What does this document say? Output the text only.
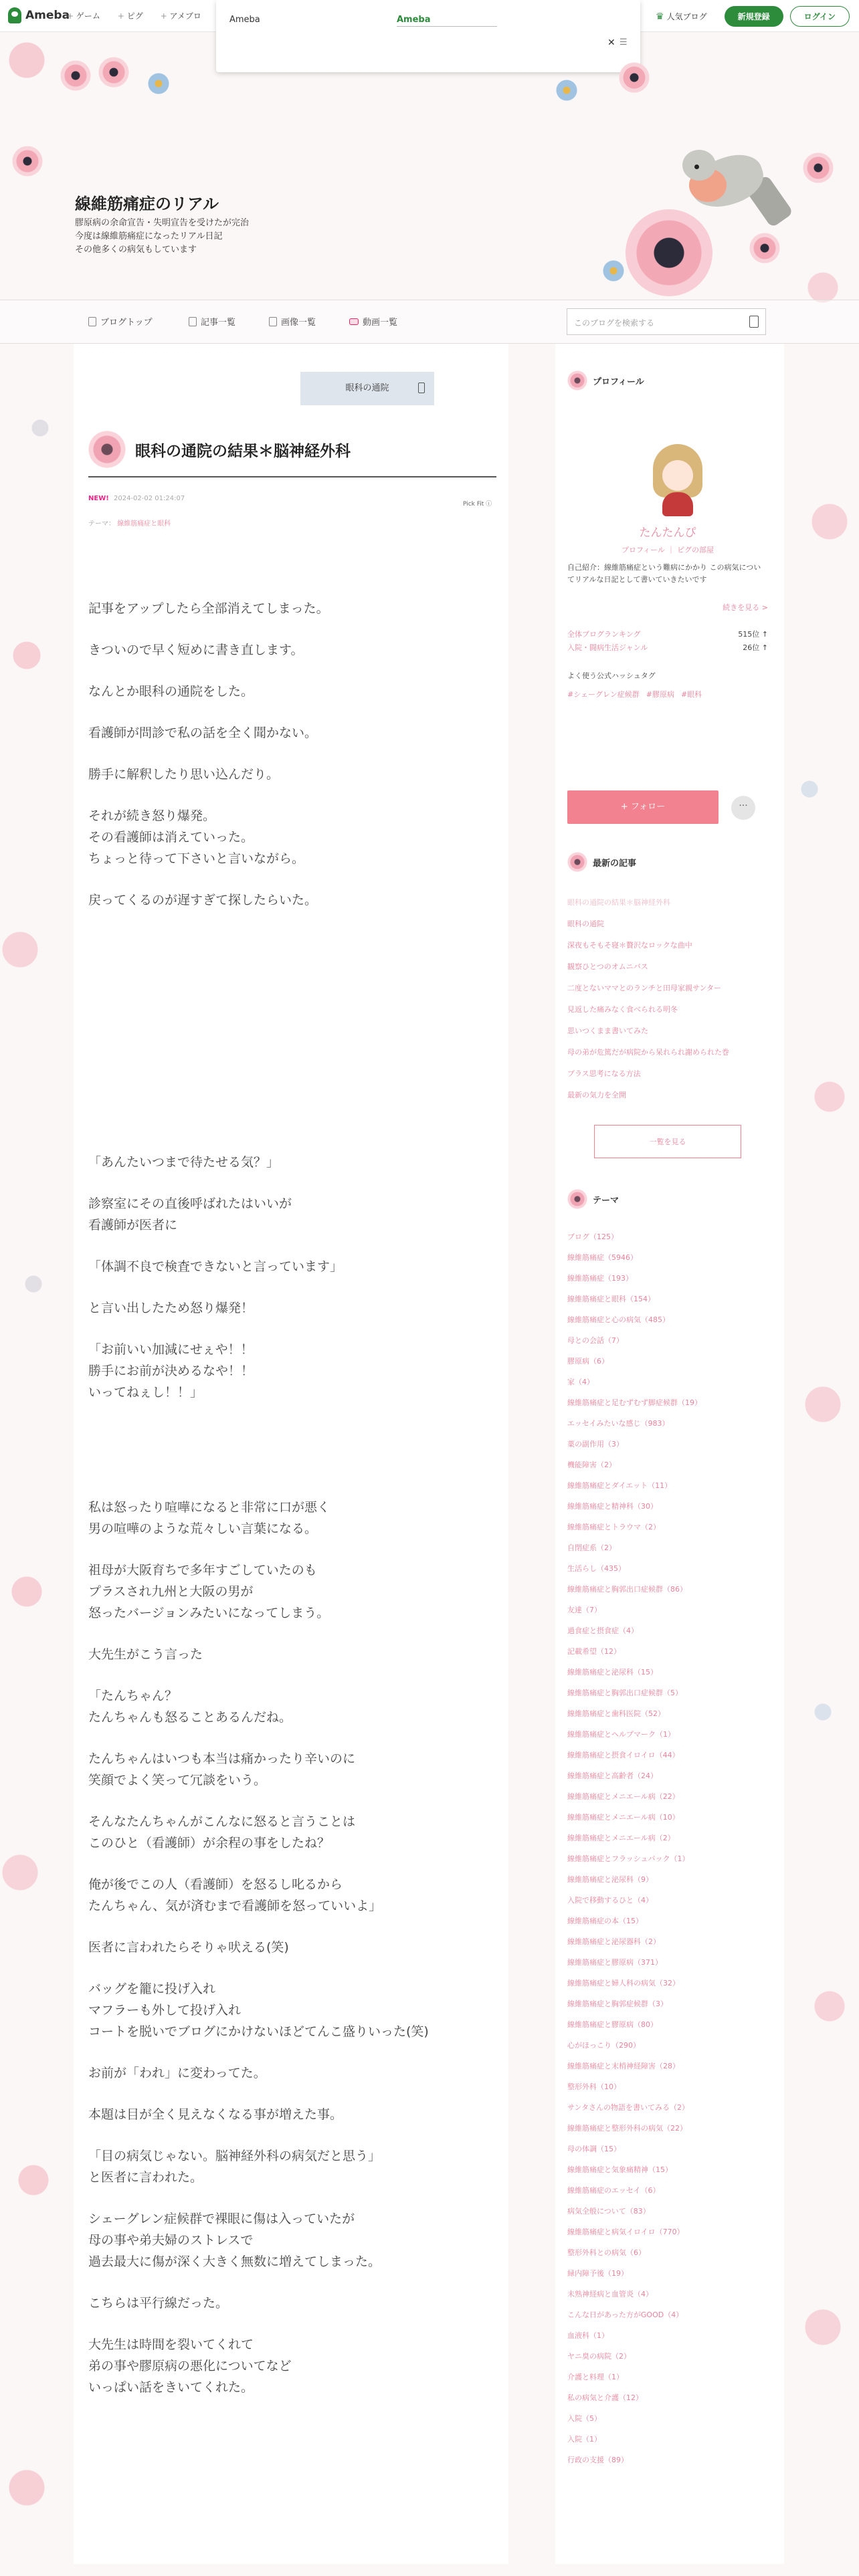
Ameba + ゲーム	+ ピグ	+ アメブロ	♛ 人気ブログ	新規登録	ログイン
Ameba	Ameba
✕ ☰
線維筋痛症のリアル
膠原病の余命宣告・失明宣告を受けたが完治
今度は線維筋痛症になったリアル日記
その他多くの病気もしています
ブログトップ	記事一覧	画像一覧	動画一覧	このブログを検索する
眼科の通院
眼科の通院の結果＊脳神経外科
NEW! 2024-02-02 01:24:07
Pick Fit ⓘ
テーマ： 線維筋痛症と眼科

記事をアップしたら全部消えてしまった。

きついので早く短めに書き直します。

なんとか眼科の通院をした。

看護師が問診で私の話を全く聞かない。

勝手に解釈したり思い込んだり。

それが続き怒り爆発。

その看護師は消えていった。

ちょっと待って下さいと言いながら。

戻ってくるのが遅すぎて探したらいた。

「あんたいつまで待たせる気？」

診察室にその直後呼ばれたはいいが

看護師が医者に

「体調不良で検査できないと言っています」

と言い出したため怒り爆発！

「お前いい加減にせぇや！！

勝手にお前が決めるなや！！

いってねぇし！！」

私は怒ったり喧嘩になると非常に口が悪く

男の喧嘩のような荒々しい言葉になる。

祖母が大阪育ちで多年すごしていたのも

プラスされ九州と大阪の男が

怒ったバージョンみたいになってしまう。

大先生がこう言った

「たんちゃん？

たんちゃんも怒ることあるんだね。

たんちゃんはいつも本当は痛かったり辛いのに

笑顔でよく笑って冗談をいう。

そんなたんちゃんがこんなに怒ると言うことは

このひと（看護師）が余程の事をしたね？

俺が後でこの人（看護師）を怒るし叱るから

たんちゃん、気が済むまで看護師を怒っていいよ」

医者に言われたらそりゃ吠える(笑)

バッグを籠に投げ入れ

マフラーも外して投げ入れ

コートを脱いでブログにかけないほどてんこ盛りいった(笑)

お前が「われ」に変わってた。

本題は目が全く見えなくなる事が増えた事。

「目の病気じゃない。脳神経外科の病気だと思う」

と医者に言われた。

シェーグレン症候群で裸眼に傷は入っていたが

母の事や弟夫婦のストレスで

過去最大に傷が深く大きく無数に増えてしまった。

こちらは平行線だった。

大先生は時間を裂いてくれて

弟の事や膠原病の悪化についてなど

いっぱい話をきいてくれた。

プロフィール
たんたんぴ
プロフィール ｜ ピグの部屋
自己紹介：線維筋痛症という難病にかかり この病気についてリアルな日記として書いていきたいです
続きを見る >
全体ブログランキング	515位 ↑
入院・闘病生活ジャンル	26位 ↑
よく使う公式ハッシュタグ
#シェーグレン症候群 #膠原病 #眼科
+ フォロー	···
最新の記事
眼科の通院の結果＊脳神経外科
眼科の通院
深夜もそもそ寝＊贅沢なロックな曲中
観察ひとつのオムニバス
二度とないママとのランチと田母家親サンター
見返した痛みなく食べられる明冬
思いつくまま書いてみた
母の弟が危篤だが病院から呆れられ謝められた巻
プラス思考になる方法
最新の気力を全開
一覧を見る
テーマ
ブログ（125）
線維筋痛症（5946）
線維筋痛症（193）
線維筋痛症と眼科（154）
線維筋痛症と心の病気（485）
母との会話（7）
膠原病（6）
家（4）
線維筋痛症と足むずむず脚症候群（19）
エッセイみたいな感じ（983）
薬の副作用（3）
機能障害（2）
線維筋痛症とダイエット（11）
線維筋痛症と精神科（30）
線維筋痛症とトラウマ（2）
自閉症系（2）
生活らし（435）
線維筋痛症と胸郭出口症候群（86）
友達（7）
過食症と摂食症（4）
記載希望（12）
線維筋痛症と泌尿科（15）
線維筋痛症と胸郭出口症候群（5）
線維筋痛症と歯科医院（52）
線維筋痛症とヘルプマーク（1）
線維筋痛症と摂食イロイロ（44）
線維筋痛症と高齢者（24）
線維筋痛症とメニエール病（22）
線維筋痛症とメニエール病（10）
線維筋痛症とメニエール病（2）
線維筋痛症とフラッシュバック（1）
線維筋痛症と泌尿科（9）
入院で移動するひと（4）
線維筋痛症の本（15）
線維筋痛症と泌尿器科（2）
線維筋痛症と膠原病（371）
線維筋痛症と婦人科の病気（32）
線維筋痛症と胸郭症候群（3）
線維筋痛症と膠原病（80）
心がほっこり（290）
線維筋痛症と末梢神経障害（28）
整形外科（10）
サンタさんの物語を書いてみる（2）
線維筋痛症と整形外科の病気（22）
母の体調（15）
線維筋痛症と気象痛精神（15）
線維筋痛症のエッセイ（6）
病気全般について（83）
線維筋痛症と病気イロイロ（770）
整形外科との病気（6）
緑内障予後（19）
未熟神経病と血管炎（4）
こんな日があった方がGOOD（4）
血液科（1）
ヤニ臭の病院（2）
介護と料理（1）
私の病気と介護（12）
入院（5）
入院（1）
行政の支援（89）
